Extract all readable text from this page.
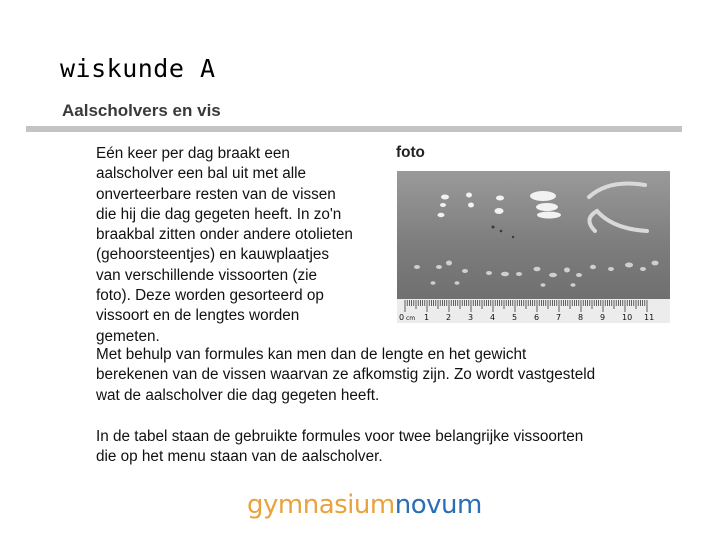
wiskunde A
Aalscholvers en vis

Eén keer per dag braakt een
aalscholver een bal uit met alle
onverteerbare resten van de vissen
die hij die dag gegeten heeft. In zo'n
braakbal zitten onder andere otolieten
(gehoorsteentjes) en kauwplaatjes
van verschillende vissoorten (zie
foto). Deze worden gesorteerd op
vissoort en de lengtes worden
gemeten.

Met behulp van formules kan men dan de lengte en het gewicht
berekenen van de vissen waarvan ze afkomstig zijn. Zo wordt vastgesteld
wat de aalscholver die dag gegeten heeft.

In de tabel staan de gebruikte formules voor twee belangrijke vissoorten
die op het menu staan van de aalscholver.

foto
1 2 3 4 5 6 7 8 9 10 11
0 cm
gymnasiumnovum
